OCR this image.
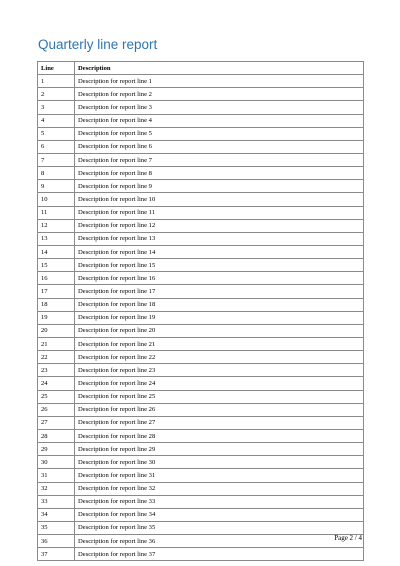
Quarterly line report
Line	Description
1	Description for report line 1
2	Description for report line 2
3	Description for report line 3
4	Description for report line 4
5	Description for report line 5
6	Description for report line 6
7	Description for report line 7
8	Description for report line 8
9	Description for report line 9
10	Description for report line 10
11	Description for report line 11
12	Description for report line 12
13	Description for report line 13
14	Description for report line 14
15	Description for report line 15
16	Description for report line 16
17	Description for report line 17
18	Description for report line 18
19	Description for report line 19
20	Description for report line 20
21	Description for report line 21
22	Description for report line 22
23	Description for report line 23
24	Description for report line 24
25	Description for report line 25
26	Description for report line 26
27	Description for report line 27
28	Description for report line 28
29	Description for report line 29
30	Description for report line 30
31	Description for report line 31
32	Description for report line 32
33	Description for report line 33
34	Description for report line 34
35	Description for report line 35
36	Description for report line 36
37	Description for report line 37
Page 2 / 4
